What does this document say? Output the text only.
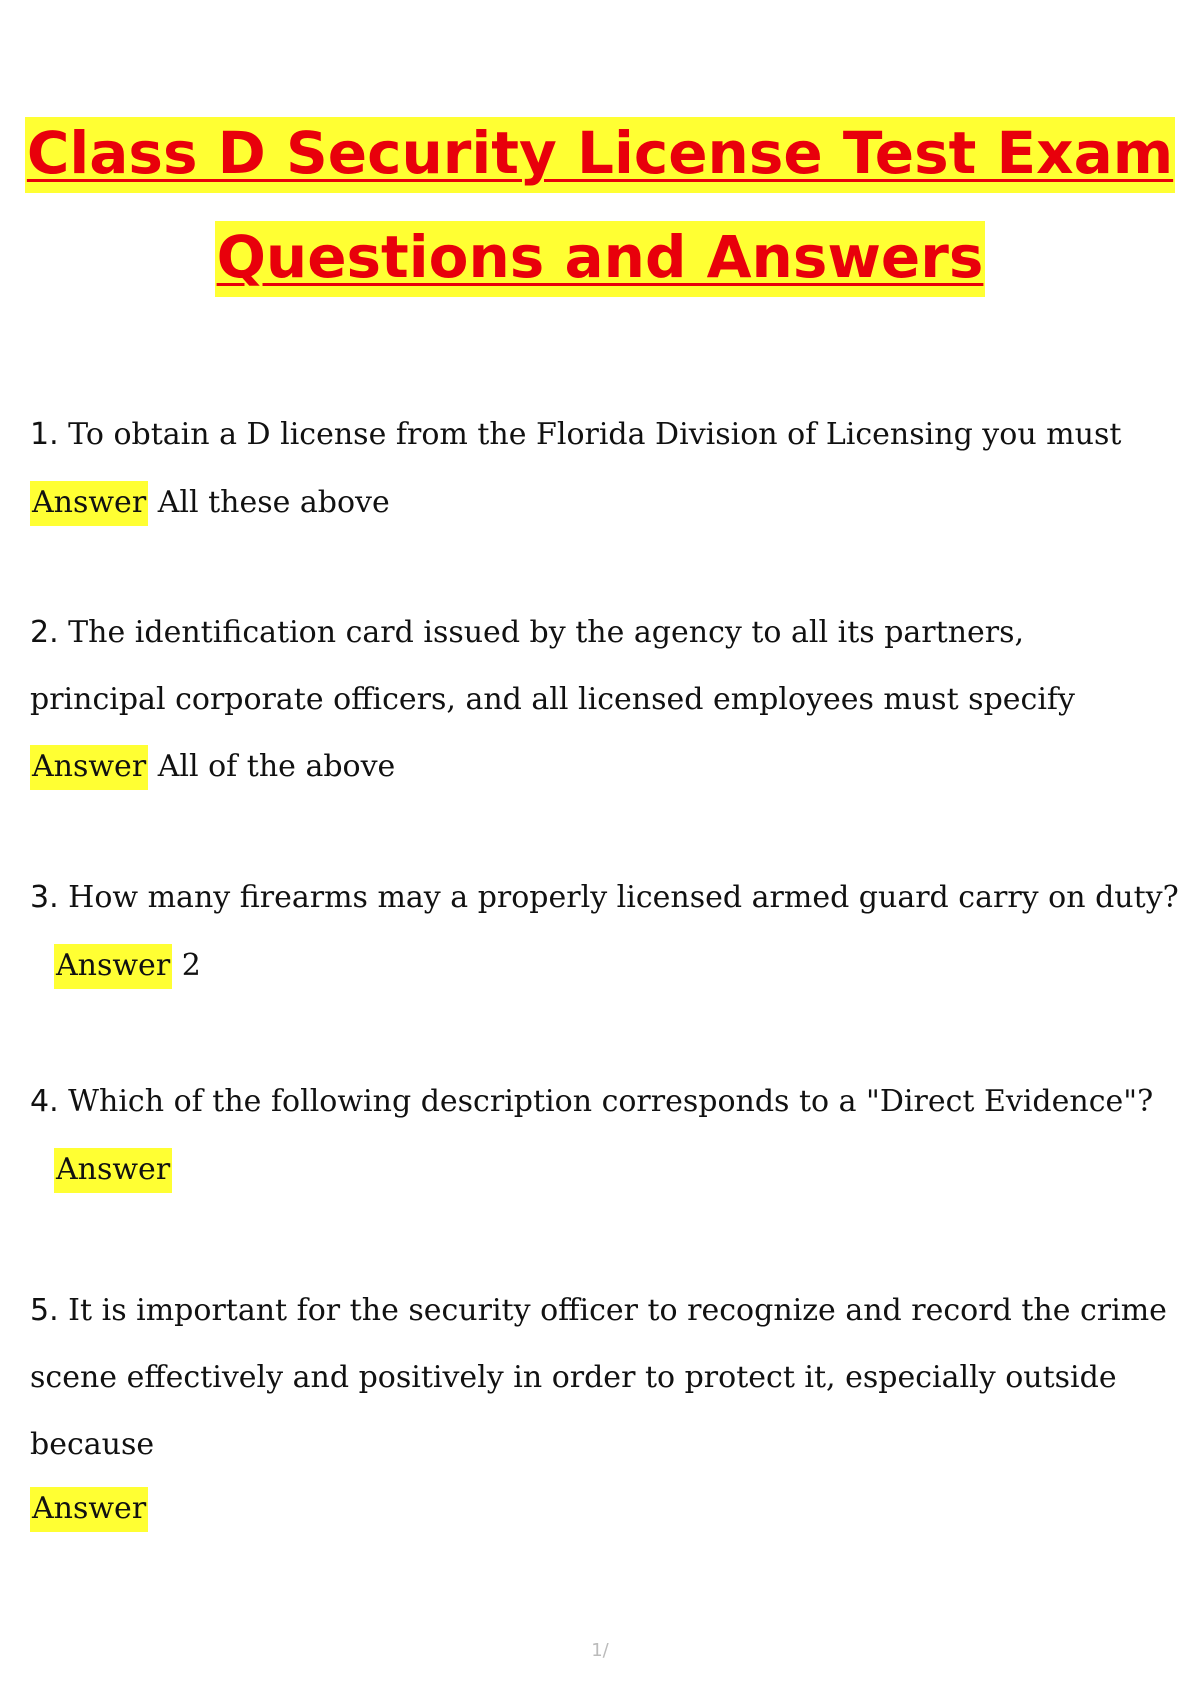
Class D Security License Test Exam
Questions and Answers

1. To obtain a D license from the Florida Division of Licensing you must

Answer All these above

2. The identification card issued by the agency to all its partners,

principal corporate officers, and all licensed employees must specify

Answer All of the above

3. How many firearms may a properly licensed armed guard carry on duty?

Answer 2

4. Which of the following description corresponds to a "Direct Evidence"?

Answer

5. It is important for the security officer to recognize and record the crime

scene effectively and positively in order to protect it, especially outside

because

Answer
1/
